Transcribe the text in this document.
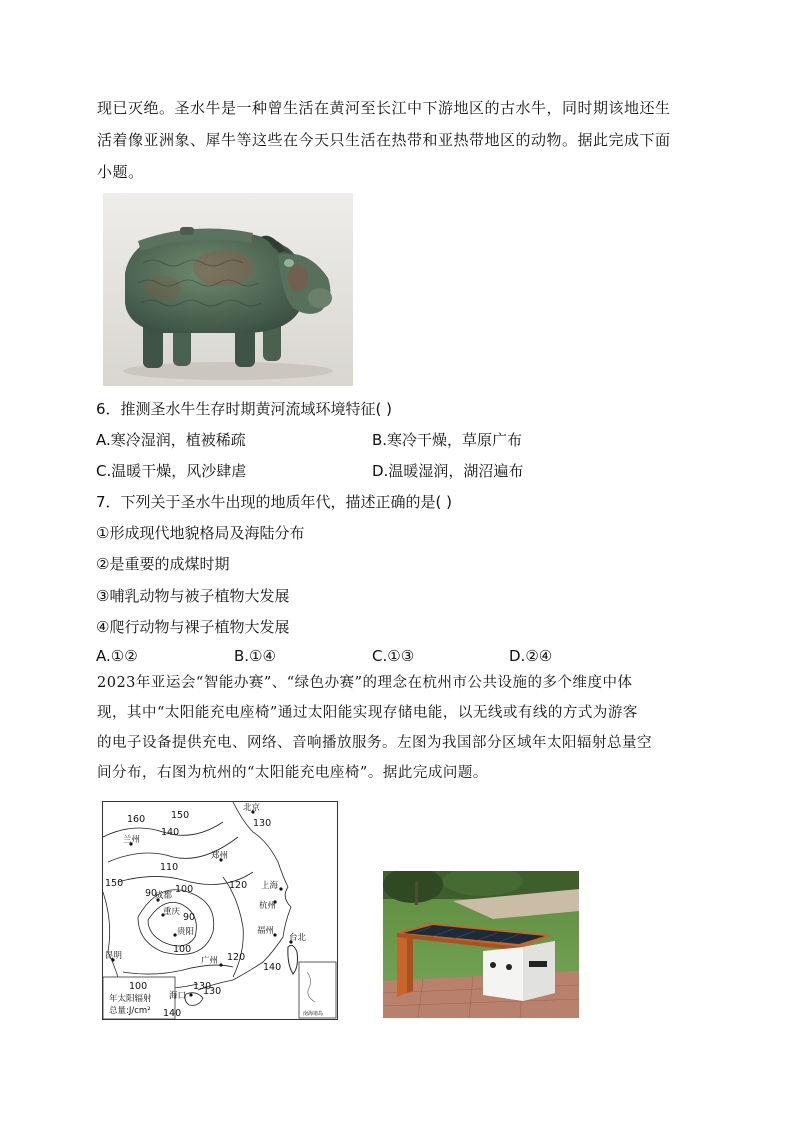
现已灭绝。圣水牛是一种曾生活在黄河至长江中下游地区的古水牛，同时期该地还生
活着像亚洲象、犀牛等这些在今天只生活在热带和亚热带地区的动物。据此完成下面
小题。
6．推测圣水牛生存时期黄河流域环境特征( )
A.寒冷湿润，植被稀疏	B.寒冷干燥，草原广布
C.温暖干燥，风沙肆虐	D.温暖湿润，湖沼遍布
7．下列关于圣水牛出现的地质年代，描述正确的是( )
①形成现代地貌格局及海陆分布
②是重要的成煤时期
③哺乳动物与被子植物大发展
④爬行动物与裸子植物大发展
A.①②	B.①④	C.①③	D.②④
2023年亚运会“智能办赛”、“绿色办赛”的理念在杭州市公共设施的多个维度中体
现，其中“太阳能充电座椅”通过太阳能实现存储电能，以无线或有线的方式为游客
的电子设备提供充电、网络、音响播放服务。左图为我国部分区域年太阳辐射总量空
间分布，右图为杭州的“太阳能充电座椅”。据此完成问题。
南海诸岛
100
年太阳辐射
总量:J/cm²
160	150
140
130
110
100
90
90
100
120
130
150
120
140
130
140
北京
兰州
郑州
成都
重庆
贵阳
上海
杭州
福州
台北
广州
昆明
海口
